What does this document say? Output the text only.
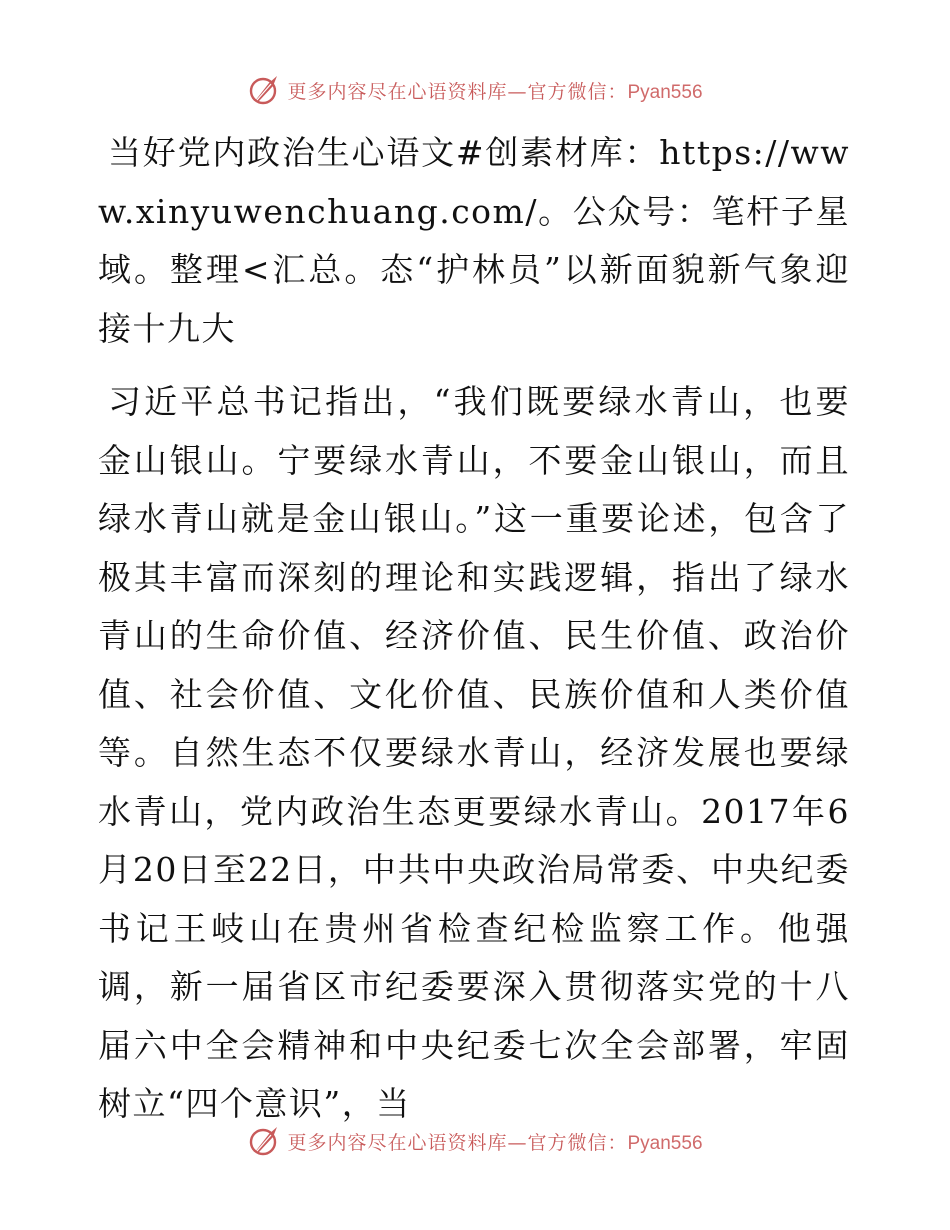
更多内容尽在心语资料库—官方微信：Pyan556

当好党内政治生心语文#创素材库：https://www.xinyuwenchuang.com/。公众号：笔杆子星域。整理<汇总。态“护林员”以新面貌新气象迎接十九大

习近平总书记指出，“我们既要绿水青山，也要金山银山。宁要绿水青山，不要金山银山，而且绿水青山就是金山银山。”这一重要论述，包含了极其丰富而深刻的理论和实践逻辑，指出了绿水青山的生命价值、经济价值、民生价值、政治价值、社会价值、文化价值、民族价值和人类价值等。自然生态不仅要绿水青山，经济发展也要绿水青山，党内政治生态更要绿水青山。2017年6月20日至22日，中共中央政治局常委、中央纪委书记王岐山在贵州省检查纪检监察工作。他强调，新一届省区市纪委要深入贯彻落实党的十八届六中全会精神和中央纪委七次全会部署，牢固树立“四个意识”，当

更多内容尽在心语资料库—官方微信：Pyan556
